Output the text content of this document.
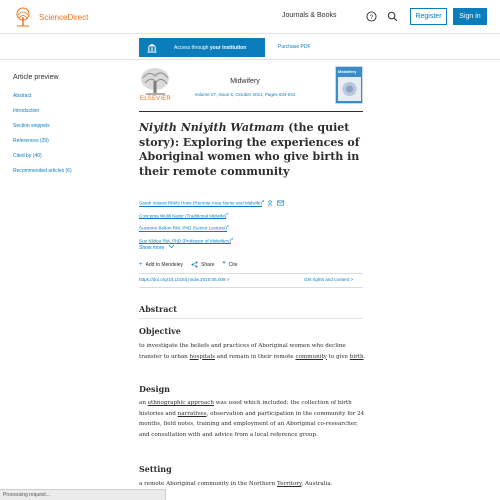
ScienceDirect	Journals & Books	?	Register	Sign in
Access through your institution	Purchase PDF
Article preview
Abstract
Introduction
Section snippets
References (29)
Cited by (40)
Recommended articles (6)
ELSEVIER
Midwifery
Volume 27, Issue 5, October 2011, Pages 634-641
Midwifery
Niyith Nniyith Watmam (the quiet story): Exploring the experiences of Aboriginal women who give birth in their remote community
Sarah Ireland RM/N Hons (Remote Area Nurse and Midwife)$^a$
Concepta Wulili Narjic (Traditional Midwife)$^b$
Suzanne Belton RM, PhD (Senior Lecturer)$^c$
Sue Kildea RM, PhD (Professor of Midwifery)$^d$
Show more
+ Add to Mendeley	Share ❞ Cite
https://doi.org/10.1016/j.midw.2010.05.009 >	Get rights and content >
Abstract
Objective

to investigate the beliefs and practices of Aboriginal women who decline transfer to urban hospitals and remain in their remote community to give birth.

Design

an ethnographic approach was used which included: the collection of birth histories and narratives, observation and participation in the community for 24 months, field notes, training and employment of an Aboriginal co-researcher, and consultation with and advice from a local reference group.

Setting

a remote Aboriginal community in the Northern Territory, Australia.

Processing request...
